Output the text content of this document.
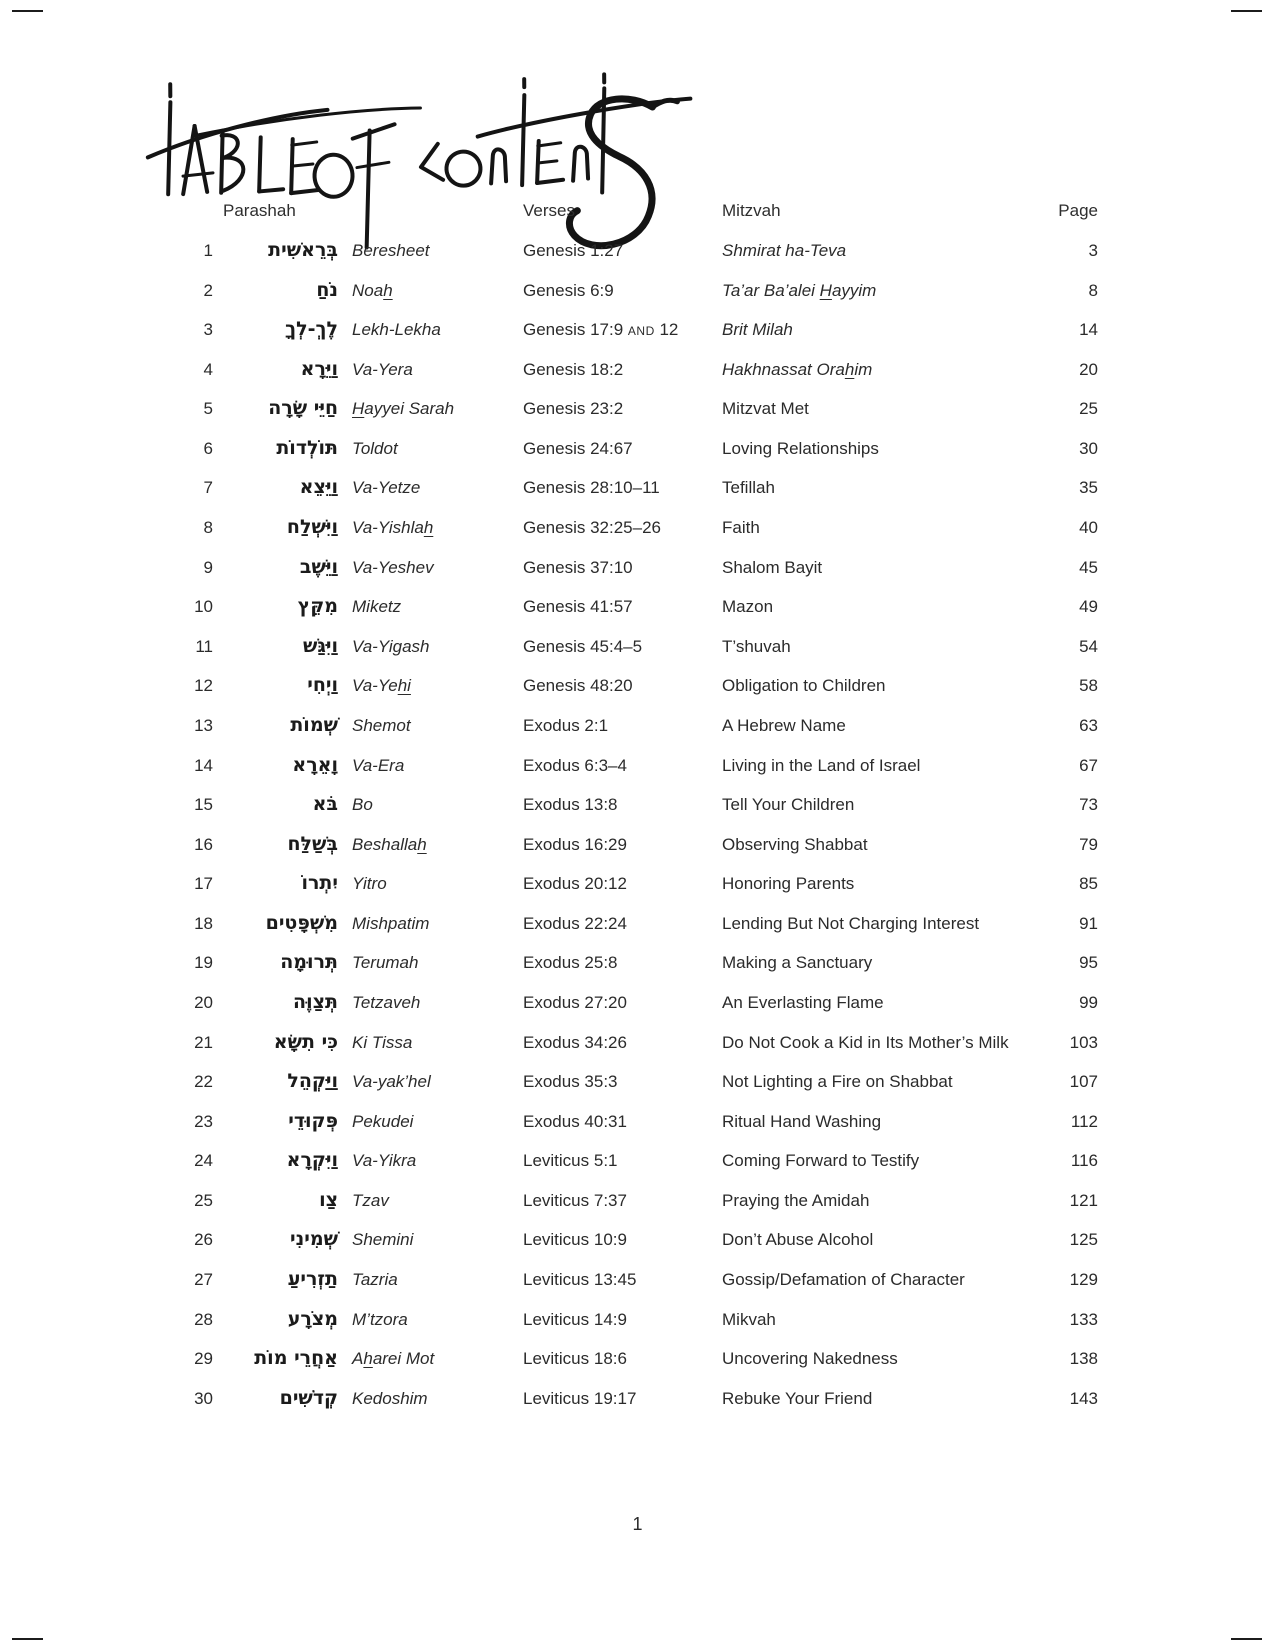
Parashah	Verses	Mitzvah	Page
1	בְּרֵאשִׁית Beresheet	Genesis 1:27	Shmirat ha-Teva	3
2	נֹחַ Noah	Genesis 6:9	Ta’ar Ba’alei Hayyim	8
3	לֶךְ-לְךָ Lekh-Lekha	Genesis 17:9 AND 12	Brit Milah	14
4	וַיֵּרָא Va-Yera	Genesis 18:2	Hakhnassat Orahim	20
5	חַיֵּי שָׂרָה Hayyei Sarah	Genesis 23:2	Mitzvat Met	25
6	תּוֹלְדוֹת Toldot	Genesis 24:67	Loving Relationships	30
7	וַיֵּצֵא Va-Yetze	Genesis 28:10–11	Tefillah	35
8	וַיִּשְׁלַח Va-Yishlah	Genesis 32:25–26	Faith	40
9	וַיֵּשֶׁב Va-Yeshev	Genesis 37:10	Shalom Bayit	45
10	מִקֵּץ Miketz	Genesis 41:57	Mazon	49
11	וַיִּגַּשׁ Va-Yigash	Genesis 45:4–5	T’shuvah	54
12	וַיְחִי Va-Yehi	Genesis 48:20	Obligation to Children	58
13	שְׁמוֹת Shemot	Exodus 2:1	A Hebrew Name	63
14	וָאֵרָא Va-Era	Exodus 6:3–4	Living in the Land of Israel	67
15	בֹּא Bo	Exodus 13:8	Tell Your Children	73
16	בְּשַׁלַּח Beshallah	Exodus 16:29	Observing Shabbat	79
17	יִתְרוֹ Yitro	Exodus 20:12	Honoring Parents	85
18	מִשְׁפָּטִים Mishpatim	Exodus 22:24	Lending But Not Charging Interest	91
19	תְּרוּמָה Terumah	Exodus 25:8	Making a Sanctuary	95
20	תְּצַוֶּה Tetzaveh	Exodus 27:20	An Everlasting Flame	99
21	כִּי תִשָּׂא Ki Tissa	Exodus 34:26	Do Not Cook a Kid in Its Mother’s Milk	103
22	וַיַּקְהֵל Va-yak’hel	Exodus 35:3	Not Lighting a Fire on Shabbat	107
23	פְּקוּדֵי Pekudei	Exodus 40:31	Ritual Hand Washing	112
24	וַיִּקְרָא Va-Yikra	Leviticus 5:1	Coming Forward to Testify	116
25	צַו Tzav	Leviticus 7:37	Praying the Amidah	121
26	שְׁמִינִי Shemini	Leviticus 10:9	Don’t Abuse Alcohol	125
27	תַזְרִיעַ Tazria	Leviticus 13:45	Gossip/Defamation of Character	129
28	מְצֹרָע M’tzora	Leviticus 14:9	Mikvah	133
29	אַחֲרֵי מוֹת Aharei Mot	Leviticus 18:6	Uncovering Nakedness	138
30	קְדֹשִׁים Kedoshim	Leviticus 19:17	Rebuke Your Friend	143
1
